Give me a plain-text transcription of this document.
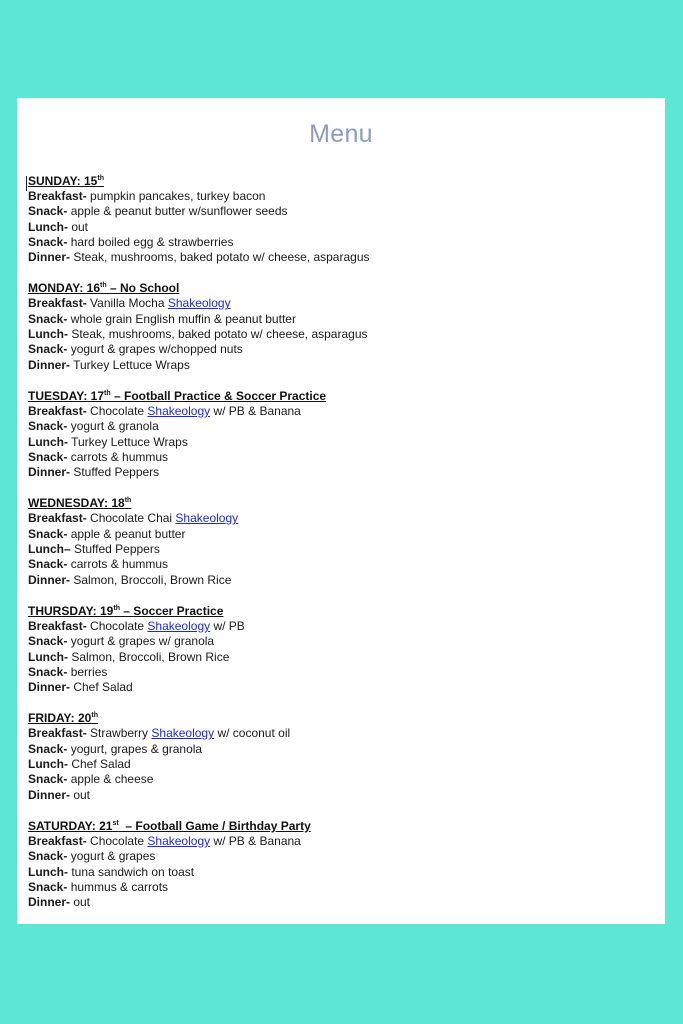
Menu
SUNDAY: 15th
Breakfast- pumpkin pancakes, turkey bacon
Snack- apple & peanut butter w/sunflower seeds
Lunch- out
Snack- hard boiled egg & strawberries
Dinner- Steak, mushrooms, baked potato w/ cheese, asparagus
MONDAY: 16th – No School
Breakfast- Vanilla Mocha Shakeology
Snack- whole grain English muffin & peanut butter
Lunch- Steak, mushrooms, baked potato w/ cheese, asparagus
Snack- yogurt & grapes w/chopped nuts
Dinner- Turkey Lettuce Wraps
TUESDAY: 17th – Football Practice & Soccer Practice
Breakfast- Chocolate Shakeology w/ PB & Banana
Snack- yogurt & granola
Lunch- Turkey Lettuce Wraps
Snack- carrots & hummus
Dinner- Stuffed Peppers
WEDNESDAY: 18th
Breakfast- Chocolate Chai Shakeology
Snack- apple & peanut butter
Lunch– Stuffed Peppers
Snack- carrots & hummus
Dinner- Salmon, Broccoli, Brown Rice
THURSDAY: 19th – Soccer Practice
Breakfast- Chocolate Shakeology w/ PB
Snack- yogurt & grapes w/ granola
Lunch- Salmon, Broccoli, Brown Rice
Snack- berries
Dinner- Chef Salad
FRIDAY: 20th
Breakfast- Strawberry Shakeology w/ coconut oil
Snack- yogurt, grapes & granola
Lunch- Chef Salad
Snack- apple & cheese
Dinner- out
SATURDAY: 21st  – Football Game / Birthday Party
Breakfast- Chocolate Shakeology w/ PB & Banana
Snack- yogurt & grapes
Lunch- tuna sandwich on toast
Snack- hummus & carrots
Dinner- out
